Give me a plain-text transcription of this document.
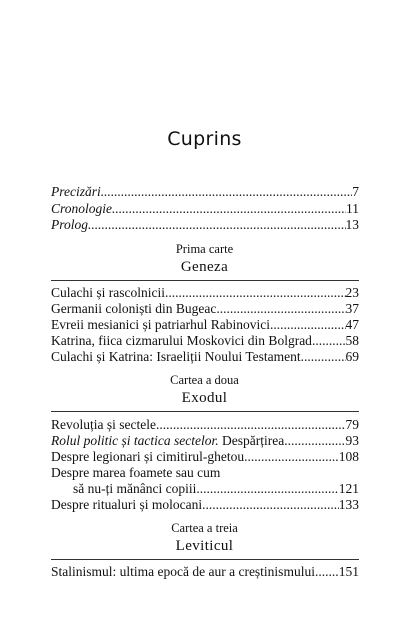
Cuprins
Precizări .....	7
Cronologie .....	11
Prolog .....	13
Prima carte
Geneza
Culachi și rascolnicii .....	23
Germanii coloniști din Bugeac .....	37
Evreii mesianici și patriarhul Rabinovici .....	47
Katrina, fiica cizmarului Moskovici din Bolgrad ..... 58
Culachi și Katrina: Israeliții Noului Testament .....	69
Cartea a doua
Exodul
Revoluția și sectele .....	79
Rolul politic și tactica sectelor. Despărțirea .....	93
Despre legionari și cimitirul-ghetou .....	108
Despre marea foamete sau cum
să nu-ți mănânci copiii .....	121
Despre ritualuri și molocani .....	133
Cartea a treia
Leviticul
Stalinismul: ultima epocă de aur a creștinismului ..... 151
